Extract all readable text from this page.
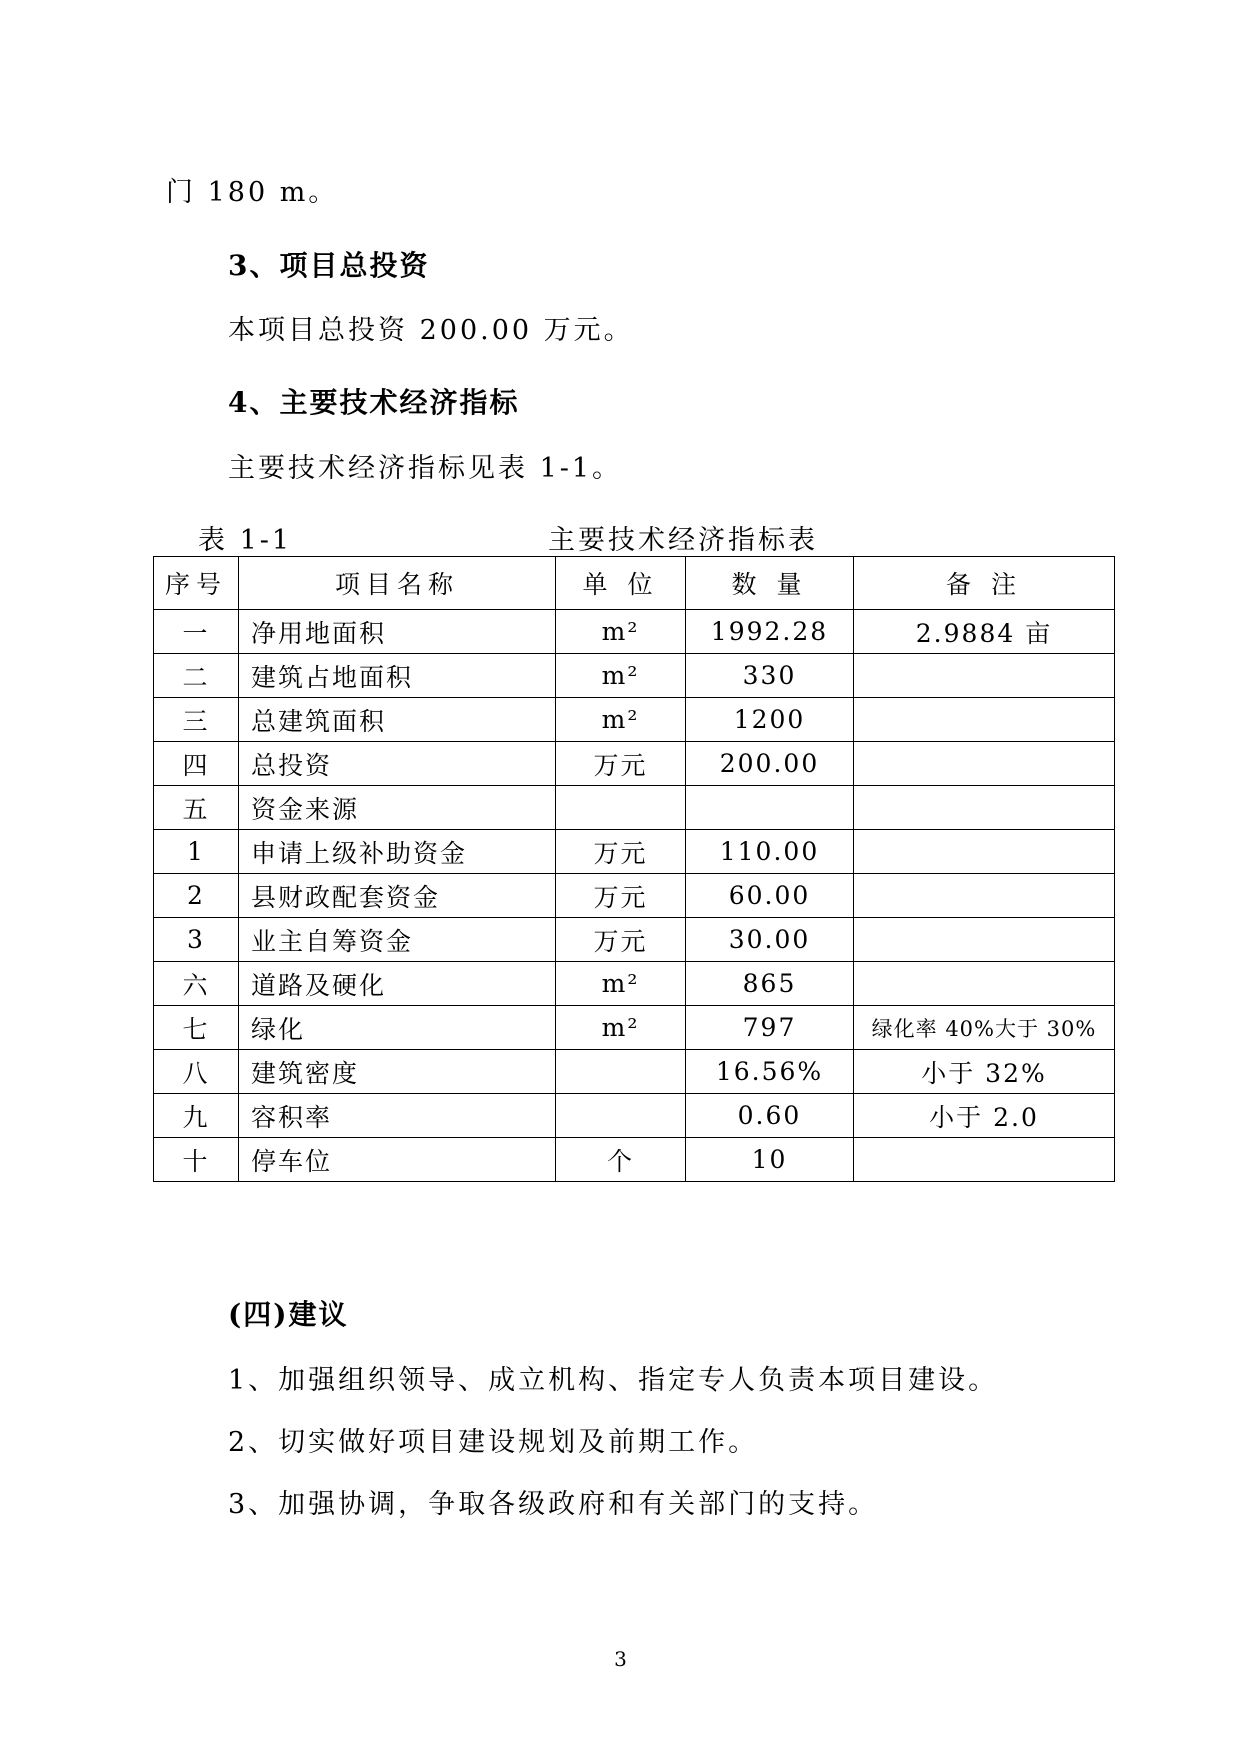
门 180 m。
3、项目总投资
本项目总投资 200.00 万元。
4、主要技术经济指标
主要技术经济指标见表 1-1。
表 1-1	主要技术经济指标表
序号	项目名称	单 位	数 量	备 注
一	净用地面积	m²	1992.28	2.9884 亩
二	建筑占地面积	m²	330	
三	总建筑面积	m²	1200	
四	总投资	万元	200.00	
五	资金来源			
1	申请上级补助资金	万元	110.00	
2	县财政配套资金	万元	60.00	
3	业主自筹资金	万元	30.00	
六	道路及硬化	m²	865	
七	绿化	m²	797	绿化率 40%大于 30%
八	建筑密度		16.56%	小于 32%
九	容积率		0.60	小于 2.0
十	停车位	个	10	
(四)建议
1、加强组织领导、成立机构、指定专人负责本项目建设。
2、切实做好项目建设规划及前期工作。
3、加强协调，争取各级政府和有关部门的支持。
3
